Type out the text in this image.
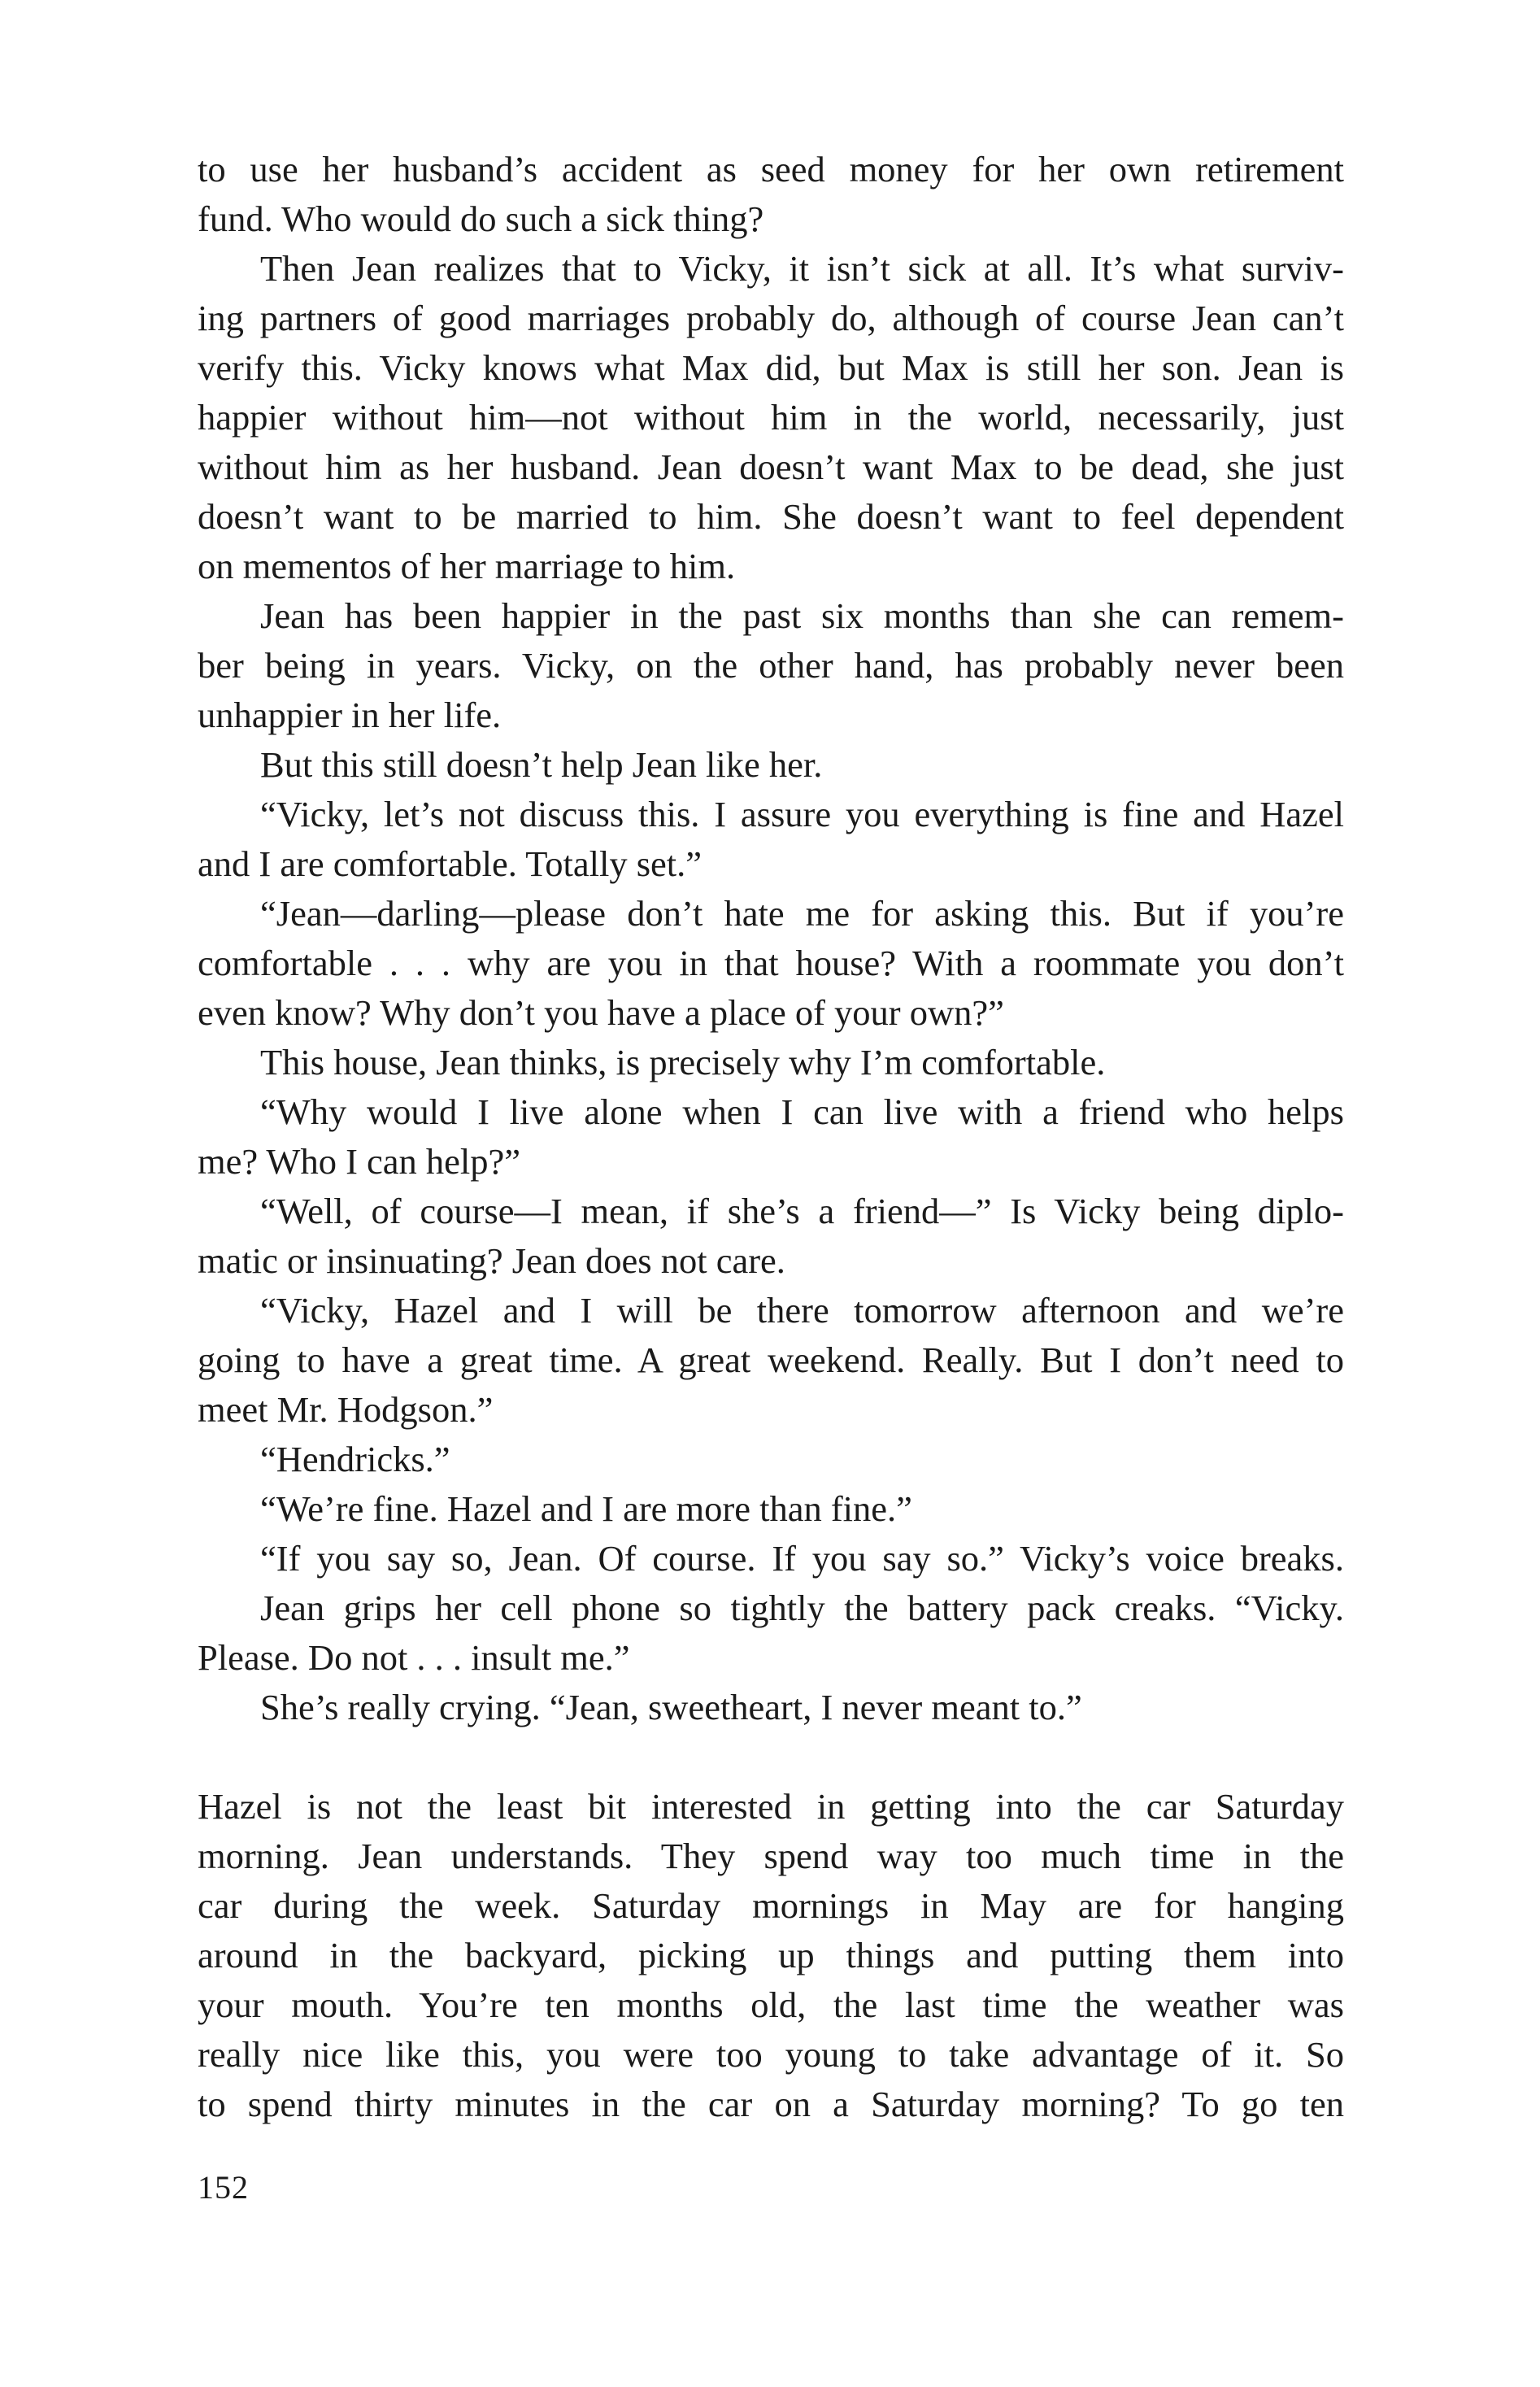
to use her husband’s accident as seed money for her own retirement
fund. Who would do such a sick thing?
Then Jean realizes that to Vicky, it isn’t sick at all. It’s what surviv-
ing partners of good marriages probably do, although of course Jean can’t
verify this. Vicky knows what Max did, but Max is still her son. Jean is
happier without him—not without him in the world, necessarily, just
without him as her husband. Jean doesn’t want Max to be dead, she just
doesn’t want to be married to him. She doesn’t want to feel dependent
on mementos of her marriage to him.
Jean has been happier in the past six months than she can remem-
ber being in years. Vicky, on the other hand, has probably never been
unhappier in her life.
But this still doesn’t help Jean like her.
“Vicky, let’s not discuss this. I assure you everything is fine and Hazel
and I are comfortable. Totally set.”
“Jean—darling—please don’t hate me for asking this. But if you’re
comfortable . . . why are you in that house? With a roommate you don’t
even know? Why don’t you have a place of your own?”
This house, Jean thinks, is precisely why I’m comfortable.
“Why would I live alone when I can live with a friend who helps
me? Who I can help?”
“Well, of course—I mean, if she’s a friend—” Is Vicky being diplo-
matic or insinuating? Jean does not care.
“Vicky, Hazel and I will be there tomorrow afternoon and we’re
going to have a great time. A great weekend. Really. But I don’t need to
meet Mr. Hodgson.”
“Hendricks.”
“We’re fine. Hazel and I are more than fine.”
“If you say so, Jean. Of course. If you say so.” Vicky’s voice breaks.
Jean grips her cell phone so tightly the battery pack creaks. “Vicky.
Please. Do not . . . insult me.”
She’s really crying. “Jean, sweetheart, I never meant to.”
Hazel is not the least bit interested in getting into the car Saturday
morning. Jean understands. They spend way too much time in the
car during the week. Saturday mornings in May are for hanging
around in the backyard, picking up things and putting them into
your mouth. You’re ten months old, the last time the weather was
really nice like this, you were too young to take advantage of it. So
to spend thirty minutes in the car on a Saturday morning? To go ten
152
